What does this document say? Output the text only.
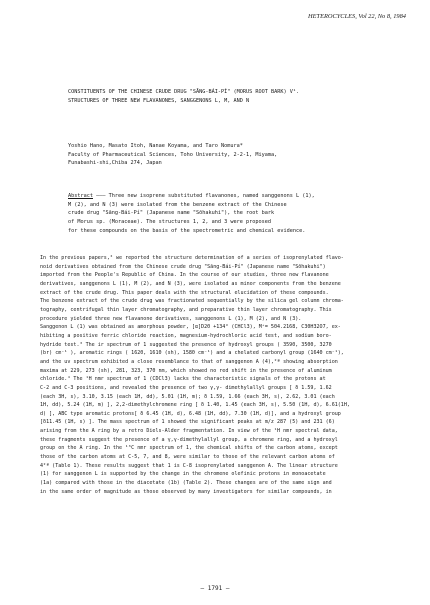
HETEROCYCLES, Vol 22, No 8, 1984
CONSTITUENTS OF THE CHINESE CRUDE DRUG "SĀNG-BÁI-PÍ" (MORUS ROOT BARK) V¹.
STRUCTURES OF THREE NEW FLAVANONES, SANGGENONS L, M, AND N
Yoshio Hano, Masato Itoh, Nanae Koyama, and Taro Nomura*
Faculty of Pharmaceutical Sciences, Toho University, 2-2-1, Miyama,
Funabashi-shi,Chiba 274, Japan
Abstract ——— Three new isoprene substituted flavanones, named sanggenons L (1),
M (2), and N (3) were isolated from the benzene extract of the Chinese
crude drug "Sāng-Bái-Pí" (Japanese name "Sōhakuhi"), the root bark
of Morus sp. (Moraceae). The structures 1, 2, and 3 were proposed
for these compounds on the basis of the spectrometric and chemical evidence.
In the previous papers,² we reported the structure determination of a series of isoprenylated flavo-
noid derivatives obtained from the Chinese crude drug "Sāng-Bái-Pí" (Japanese name "Sōhakuhi")
imported from the People's Republic of China. In the course of our studies, three new flavanone
derivatives, sanggenons L (1), M (2), and N (3), were isolated as minor components from the benzene
extract of the crude drug. This paper deals with the structural elucidation of these compounds.
The benzene extract of the crude drug was fractionated sequentially by the silica gel column chroma-
tography, centrifugal thin layer chromatography, and preparative thin layer chromatography. This
procedure yielded three new flavanone derivatives, sanggenons L (1), M (2), and N (3).
Sanggenon L (1) was obtained as amorphous powder, [α]D20 +134° (CHCl3), M⁺= 504.2168, C30H32O7, ex-
hibiting a positive ferric chloride reaction, magnesium-hydrochloric acid test, and sodium boro-
hydride test.³ The ir spectrum of 1 suggested the presence of hydroxyl groups ( 3590, 3500, 3270
(br) cm⁻¹ ), aromatic rings ( 1620, 1610 (sh), 1580 cm⁻¹) and a chelated carbonyl group (1640 cm⁻¹),
and the uv spectrum exhibited a close resemblance to that of sanggenon A (4),²ª showing absorption
maxima at 229, 273 (sh), 281, 323, 370 nm, which showed no red shift in the presence of aluminum
chloride.⁴ The ¹H nmr spectrum of 1 (CDCl3) lacks the characteristic signals of the protons at
C-2 and C-3 positions, and revealed the presence of two γ,γ- dimethylallyl groups [ δ 1.59, 1.62
(each 3H, s), 3.10, 3.15 (each 1H, dd), 5.01 (1H, m); δ 1.59, 1.66 (each 3H, s), 2.62, 3.01 (each
1H, dd), 5.24 (1H, m) ], 2,2-dimethylchromene ring [ δ 1.40, 1.45 (each 3H, s), 5.50 (1H, d), 6.61(1H,
d) ], ABC type aromatic protons[ δ 6.45 (1H, d), 6.48 (1H, dd), 7.30 (1H, d)], and a hydroxyl group
[δ11.45 (1H, s) ]. The mass spectrum of 1 showed the significant peaks at m/z 287 (5) and 231 (6)
arising from the A ring by a retro Diels-Alder fragmentation. In view of the ¹H nmr spectral data,
these fragments suggest the presence of a γ,γ-dimethylallyl group, a chromene ring, and a hydroxyl
group on the A ring. In the ¹³C nmr spectrum of 1, the chemical shifts of the carbon atoms, except
those of the carbon atoms at C-5, 7, and 8, were similar to those of the relevant carbon atoms of
4²ª (Table 1). These results suggest that 1 is C-8 isoprenylated sanggenon A. The linear structure
(1) for sanggenon L is supported by the change in the chromene olefinic protons in monoacetate
(1a) compared with those in the diacetate (1b) (Table 2). These changes are of the same sign and
in the same order of magnitude as those observed by many investigators for similar compounds, in
— 1791 —
